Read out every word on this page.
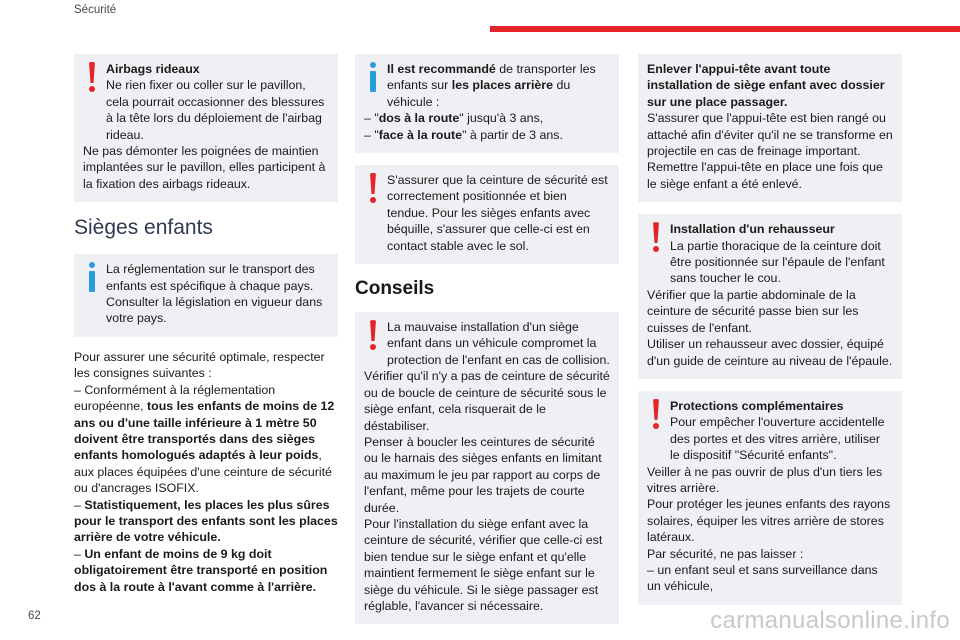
Sécurité

Airbags rideaux

Ne rien fixer ou coller sur le pavillon, cela pourrait occasionner des blessures à la tête lors du déploiement de l'airbag rideau.

Ne pas démonter les poignées de maintien implantées sur le pavillon, elles participent à la fixation des airbags rideaux.

Sièges enfants

La réglementation sur le transport des enfants est spécifique à chaque pays. Consulter la législation en vigueur dans votre pays.

Pour assurer une sécurité optimale, respecter les consignes suivantes :

– Conformément à la réglementation européenne, tous les enfants de moins de 12 ans ou d'une taille inférieure à 1 mètre 50 doivent être transportés dans des sièges enfants homologués adaptés à leur poids, aux places équipées d'une ceinture de sécurité ou d'ancrages ISOFIX.

– Statistiquement, les places les plus sûres pour le transport des enfants sont les places arrière de votre véhicule.

– Un enfant de moins de 9 kg doit obligatoirement être transporté en position dos à la route à l'avant comme à l'arrière.

Il est recommandé de transporter les enfants sur les places arrière du véhicule :

– "dos à la route" jusqu'à 3 ans,

– "face à la route" à partir de 3 ans.

S'assurer que la ceinture de sécurité est correctement positionnée et bien tendue. Pour les sièges enfants avec béquille, s'assurer que celle-ci est en contact stable avec le sol.

Conseils

La mauvaise installation d'un siège enfant dans un véhicule compromet la protection de l'enfant en cas de collision.

Vérifier qu'il n'y a pas de ceinture de sécurité ou de boucle de ceinture de sécurité sous le siège enfant, cela risquerait de le déstabiliser.

Penser à boucler les ceintures de sécurité ou le harnais des sièges enfants en limitant au maximum le jeu par rapport au corps de l'enfant, même pour les trajets de courte durée.

Pour l'installation du siège enfant avec la ceinture de sécurité, vérifier que celle-ci est bien tendue sur le siège enfant et qu'elle maintient fermement le siège enfant sur le siège du véhicule. Si le siège passager est réglable, l'avancer si nécessaire.

Enlever l'appui-tête avant toute installation de siège enfant avec dossier sur une place passager.

S'assurer que l'appui-tête est bien rangé ou attaché afin d'éviter qu'il ne se transforme en projectile en cas de freinage important.

Remettre l'appui-tête en place une fois que le siège enfant a été enlevé.

Installation d'un rehausseur

La partie thoracique de la ceinture doit être positionnée sur l'épaule de l'enfant sans toucher le cou.

Vérifier que la partie abdominale de la ceinture de sécurité passe bien sur les cuisses de l'enfant.

Utiliser un rehausseur avec dossier, équipé d'un guide de ceinture au niveau de l'épaule.

Protections complémentaires

Pour empêcher l'ouverture accidentelle des portes et des vitres arrière, utiliser le dispositif "Sécurité enfants".

Veiller à ne pas ouvrir de plus d'un tiers les vitres arrière.

Pour protéger les jeunes enfants des rayons solaires, équiper les vitres arrière de stores latéraux.

Par sécurité, ne pas laisser :

– un enfant seul et sans surveillance dans un véhicule,

62	carmanualsonline.info
